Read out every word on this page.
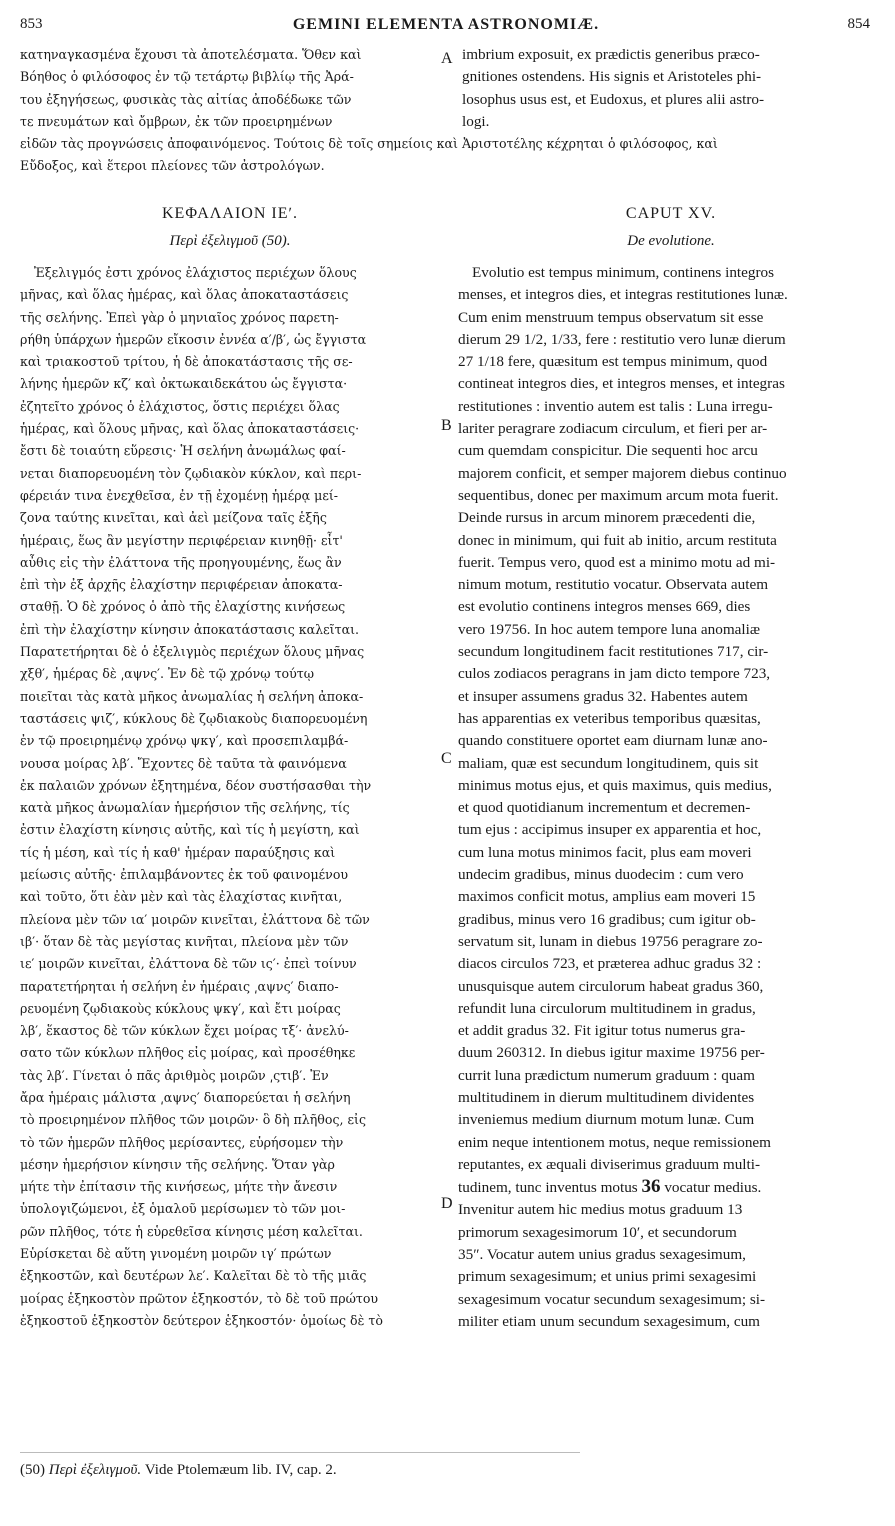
853	GEMINI ELEMENTA ASTRONOMIÆ.	854
κατηναγκασμένα ἔχουσι τὰ ἀποτελέσματα. Ὅθεν καὶ
Βόηθος ὁ φιλόσοφος ἐν τῷ τετάρτῳ βιβλίῳ τῆς Ἀρά-
του ἐξηγήσεως, φυσικὰς τὰς αἰτίας ἀποδέδωκε τῶν
τε πνευμάτων καὶ ὄμβρων, ἐκ τῶν προειρημένων
imbrium exposuit, ex prædictis generibus præco-
gnitiones ostendens. His signis et Aristoteles phi-
losophus usus est, et Eudoxus, et plures alii astro-
logi.
εἰδῶν τὰς προγνώσεις ἀποφαινόμενος. Τούτοις δὲ τοῖς σημείοις καὶ Ἀριστοτέλης κέχρηται ὁ φιλόσοφος, καὶ
Εὔδοξος, καὶ ἕτεροι πλείονες τῶν ἀστρολόγων.
A
B
C
D
ΚΕΦΑΛΑΙΟΝ ΙΕʹ.
Περὶ ἐξελιγμοῦ (50).
CAPUT XV.
De evolutione.
Ἐξελιγμός ἐστι χρόνος ἐλάχιστος περιέχων ὅλους
μῆνας, καὶ ὅλας ἡμέρας, καὶ ὅλας ἀποκαταστάσεις
τῆς σελήνης. Ἐπεὶ γὰρ ὁ μηνιαῖος χρόνος παρετη-
ρήθη ὑπάρχων ἡμερῶν εἴκοσιν ἐννέα α′/β′, ὡς ἔγγιστα
καὶ τριακοστοῦ τρίτου, ἡ δὲ ἀποκατάστασις τῆς σε-
λήνης ἡμερῶν κζ′ καὶ ὀκτωκαιδεκάτου ὡς ἔγγιστα·
ἐζητεῖτο χρόνος ὁ ἐλάχιστος, ὅστις περιέχει ὅλας
ἡμέρας, καὶ ὅλους μῆνας, καὶ ὅλας ἀποκαταστάσεις·
ἔστι δὲ τοιαύτη εὕρεσις· Ἡ σελήνη ἀνωμάλως φαί-
νεται διαπορευομένη τὸν ζῳδιακὸν κύκλον, καὶ περι-
φέρειάν τινα ἐνεχθεῖσα, ἐν τῇ ἐχομένῃ ἡμέρᾳ μεί-
ζονα ταύτης κινεῖται, καὶ ἀεὶ μείζονα ταῖς ἑξῆς
ἡμέραις, ἕως ἂν μεγίστην περιφέρειαν κινηθῇ· εἶτ'
αὖθις εἰς τὴν ἐλάττονα τῆς προηγουμένης, ἕως ἂν
ἐπὶ τὴν ἐξ ἀρχῆς ἐλαχίστην περιφέρειαν ἀποκατα-
σταθῇ. Ὁ δὲ χρόνος ὁ ἀπὸ τῆς ἐλαχίστης κινήσεως
ἐπὶ τὴν ἐλαχίστην κίνησιν ἀποκατάστασις καλεῖται.
Παρατετήρηται δὲ ὁ ἐξελιγμὸς περιέχων ὅλους μῆνας
χξθ′, ἡμέρας δὲ ͵αψνς′. Ἐν δὲ τῷ χρόνῳ τούτῳ
ποιεῖται τὰς κατὰ μῆκος ἀνωμαλίας ἡ σελήνη ἀποκα-
ταστάσεις ψιζ′, κύκλους δὲ ζῳδιακοὺς διαπορευομένη
ἐν τῷ προειρημένῳ χρόνῳ ψκγ′, καὶ προσεπιλαμβά-
νουσα μοίρας λβ′. Ἔχοντες δὲ ταῦτα τὰ φαινόμενα
ἐκ παλαιῶν χρόνων ἐξητημένα, δέον συστήσασθαι τὴν
κατὰ μῆκος ἀνωμαλίαν ἡμερήσιον τῆς σελήνης, τίς
ἐστιν ἐλαχίστη κίνησις αὐτῆς, καὶ τίς ἡ μεγίστη, καὶ
τίς ἡ μέση, καὶ τίς ἡ καθ' ἡμέραν παραύξησις καὶ
μείωσις αὐτῆς· ἐπιλαμβάνοντες ἐκ τοῦ φαινομένου
καὶ τοῦτο, ὅτι ἐὰν μὲν καὶ τὰς ἐλαχίστας κινῆται,
πλείονα μὲν τῶν ια′ μοιρῶν κινεῖται, ἐλάττονα δὲ τῶν
ιβ′· ὅταν δὲ τὰς μεγίστας κινῆται, πλείονα μὲν τῶν
ιε′ μοιρῶν κινεῖται, ἐλάττονα δὲ τῶν ις′· ἐπεὶ τοίνυν
παρατετήρηται ἡ σελήνη ἐν ἡμέραις ͵αψνς′ διαπο-
ρευομένη ζῳδιακοὺς κύκλους ψκγ′, καὶ ἔτι μοίρας
λβ′, ἕκαστος δὲ τῶν κύκλων ἔχει μοίρας τξ′· ἀνελύ-
σατο τῶν κύκλων πλῆθος εἰς μοίρας, καὶ προσέθηκε
τὰς λβ′. Γίνεται ὁ πᾶς ἀριθμὸς μοιρῶν ͵ςτιβ′. Ἐν
ἄρα ἡμέραις μάλιστα ͵αψνς′ διαπορεύεται ἡ σελήνη
τὸ προειρημένον πλῆθος τῶν μοιρῶν· ὃ δὴ πλῆθος, εἰς
τὸ τῶν ἡμερῶν πλῆθος μερίσαντες, εὑρήσομεν τὴν
μέσην ἡμερήσιον κίνησιν τῆς σελήνης. Ὅταν γὰρ
μήτε τὴν ἐπίτασιν τῆς κινήσεως, μήτε τὴν ἄνεσιν
ὑπολογιζώμενοι, ἐξ ὁμαλοῦ μερίσωμεν τὸ τῶν μοι-
ρῶν πλῆθος, τότε ἡ εὑρεθεῖσα κίνησις μέση καλεῖται.
Εὑρίσκεται δὲ αὕτη γινομένη μοιρῶν ιγ′ πρώτων
ἑξηκοστῶν, καὶ δευτέρων λε′. Καλεῖται δὲ τὸ τῆς μιᾶς
μοίρας ἑξηκοστὸν πρῶτον ἑξηκοστόν, τὸ δὲ τοῦ πρώτου
ἑξηκοστοῦ ἑξηκοστὸν δεύτερον ἑξηκοστόν· ὁμοίως δὲ τὸ
Evolutio est tempus minimum, continens integros
menses, et integros dies, et integras restitutiones lunæ.
Cum enim menstruum tempus observatum sit esse
dierum 29 1/2, 1/33, fere : restitutio vero lunæ dierum
27 1/18 fere, quæsitum est tempus minimum, quod
contineat integros dies, et integros menses, et integras
restitutiones : inventio autem est talis : Luna irregu-
lariter peragrare zodiacum circulum, et fieri per ar-
cum quemdam conspicitur. Die sequenti hoc arcu
majorem conficit, et semper majorem diebus continuo
sequentibus, donec per maximum arcum mota fuerit.
Deinde rursus in arcum minorem præcedenti die,
donec in minimum, qui fuit ab initio, arcum restituta
fuerit. Tempus vero, quod est a minimo motu ad mi-
nimum motum, restitutio vocatur. Observata autem
est evolutio continens integros menses 669, dies
vero 19756. In hoc autem tempore luna anomaliæ
secundum longitudinem facit restitutiones 717, cir-
culos zodiacos peragrans in jam dicto tempore 723,
et insuper assumens gradus 32. Habentes autem
has apparentias ex veteribus temporibus quæsitas,
quando constituere oportet eam diurnam lunæ ano-
maliam, quæ est secundum longitudinem, quis sit
minimus motus ejus, et quis maximus, quis medius,
et quod quotidianum incrementum et decremen-
tum ejus : accipimus insuper ex apparentia et hoc,
cum luna motus minimos facit, plus eam moveri
undecim gradibus, minus duodecim : cum vero
maximos conficit motus, amplius eam moveri 15
gradibus, minus vero 16 gradibus; cum igitur ob-
servatum sit, lunam in diebus 19756 peragrare zo-
diacos circulos 723, et præterea adhuc gradus 32 :
unusquisque autem circulorum habeat gradus 360,
refundit luna circulorum multitudinem in gradus,
et addit gradus 32. Fit igitur totus numerus gra-
duum 260312. In diebus igitur maxime 19756 per-
currit luna prædictum numerum graduum : quam
multitudinem in dierum multitudinem dividentes
inveniemus medium diurnum motum lunæ. Cum
enim neque intentionem motus, neque remissionem
reputantes, ex æquali diviserimus graduum multi-
tudinem, tunc inventus motus 36 vocatur medius.
Invenitur autem hic medius motus graduum 13
primorum sexagesimorum 10′, et secundorum
35″. Vocatur autem unius gradus sexagesimum,
primum sexagesimum; et unius primi sexagesimi
sexagesimum vocatur secundum sexagesimum; si-
militer etiam unum secundum sexagesimum, cum
(50) Περὶ ἐξελιγμοῦ. Vide Ptolemæum lib. IV, cap. 2.
